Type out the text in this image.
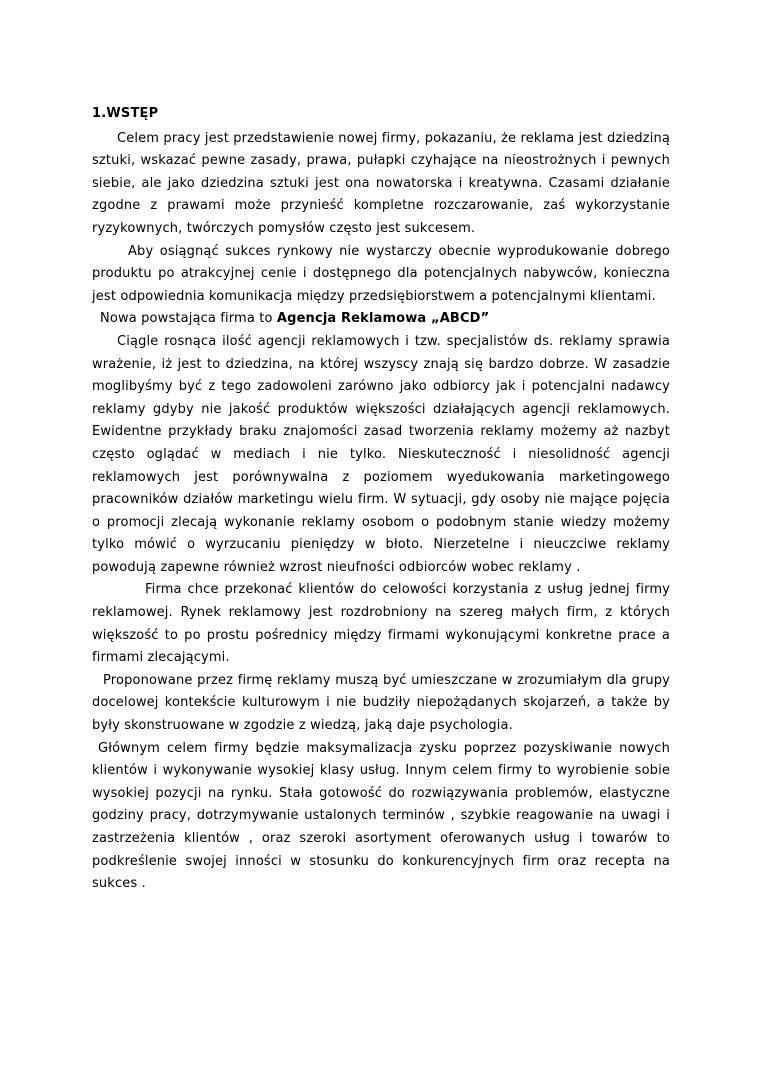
1.WSTĘP

Celem pracy jest przedstawienie nowej firmy, pokazaniu, że reklama jest dziedziną sztuki, wskazać pewne zasady, prawa, pułapki czyhające na nieostrożnych i pewnych siebie, ale jako dziedzina sztuki jest ona nowatorska i kreatywna. Czasami działanie zgodne z prawami może przynieść kompletne rozczarowanie, zaś wykorzystanie ryzykownych, twórczych pomysłów często jest sukcesem.

Aby osiągnąć sukces rynkowy nie wystarczy obecnie wyprodukowanie dobrego produktu po atrakcyjnej cenie i dostępnego dla potencjalnych nabywców, konieczna jest odpowiednia komunikacja między przedsiębiorstwem a potencjalnymi klientami.

Nowa powstająca firma to Agencja Reklamowa „ABCD”

Ciągle rosnąca ilość agencji reklamowych i tzw. specjalistów ds. reklamy sprawia wrażenie, iż jest to dziedzina, na której wszyscy znają się bardzo dobrze. W zasadzie moglibyśmy być z tego zadowoleni zarówno jako odbiorcy jak i potencjalni nadawcy reklamy gdyby nie jakość produktów większości działających agencji reklamowych. Ewidentne przykłady braku znajomości zasad tworzenia reklamy możemy aż nazbyt często oglądać w mediach i nie tylko. Nieskuteczność i niesolidność agencji reklamowych jest porównywalna z poziomem wyedukowania marketingowego pracowników działów marketingu wielu firm. W sytuacji, gdy osoby nie mające pojęcia o promocji zlecają wykonanie reklamy osobom o podobnym stanie wiedzy możemy tylko mówić o wyrzucaniu pieniędzy w błoto. Nierzetelne i nieuczciwe reklamy powodują zapewne również wzrost nieufności odbiorców wobec reklamy .

Firma chce przekonać klientów do celowości korzystania z usług jednej firmy reklamowej. Rynek reklamowy jest rozdrobniony na szereg małych firm, z których większość to po prostu pośrednicy między firmami wykonującymi konkretne prace a firmami zlecającymi.

Proponowane przez firmę reklamy muszą być umieszczane w zrozumiałym dla grupy docelowej kontekście kulturowym i nie budziły niepożądanych skojarzeń, a także by były skonstruowane w zgodzie z wiedzą, jaką daje psychologia.

Głównym celem firmy będzie maksymalizacja zysku poprzez pozyskiwanie nowych klientów i wykonywanie wysokiej klasy usług. Innym celem firmy to wyrobienie sobie wysokiej pozycji na rynku. Stała gotowość do rozwiązywania problemów, elastyczne godziny pracy, dotrzymywanie ustalonych terminów , szybkie reagowanie na uwagi i zastrzeżenia klientów , oraz szeroki asortyment oferowanych usług i towarów to podkreślenie swojej inności w stosunku do konkurencyjnych firm oraz recepta na sukces .
